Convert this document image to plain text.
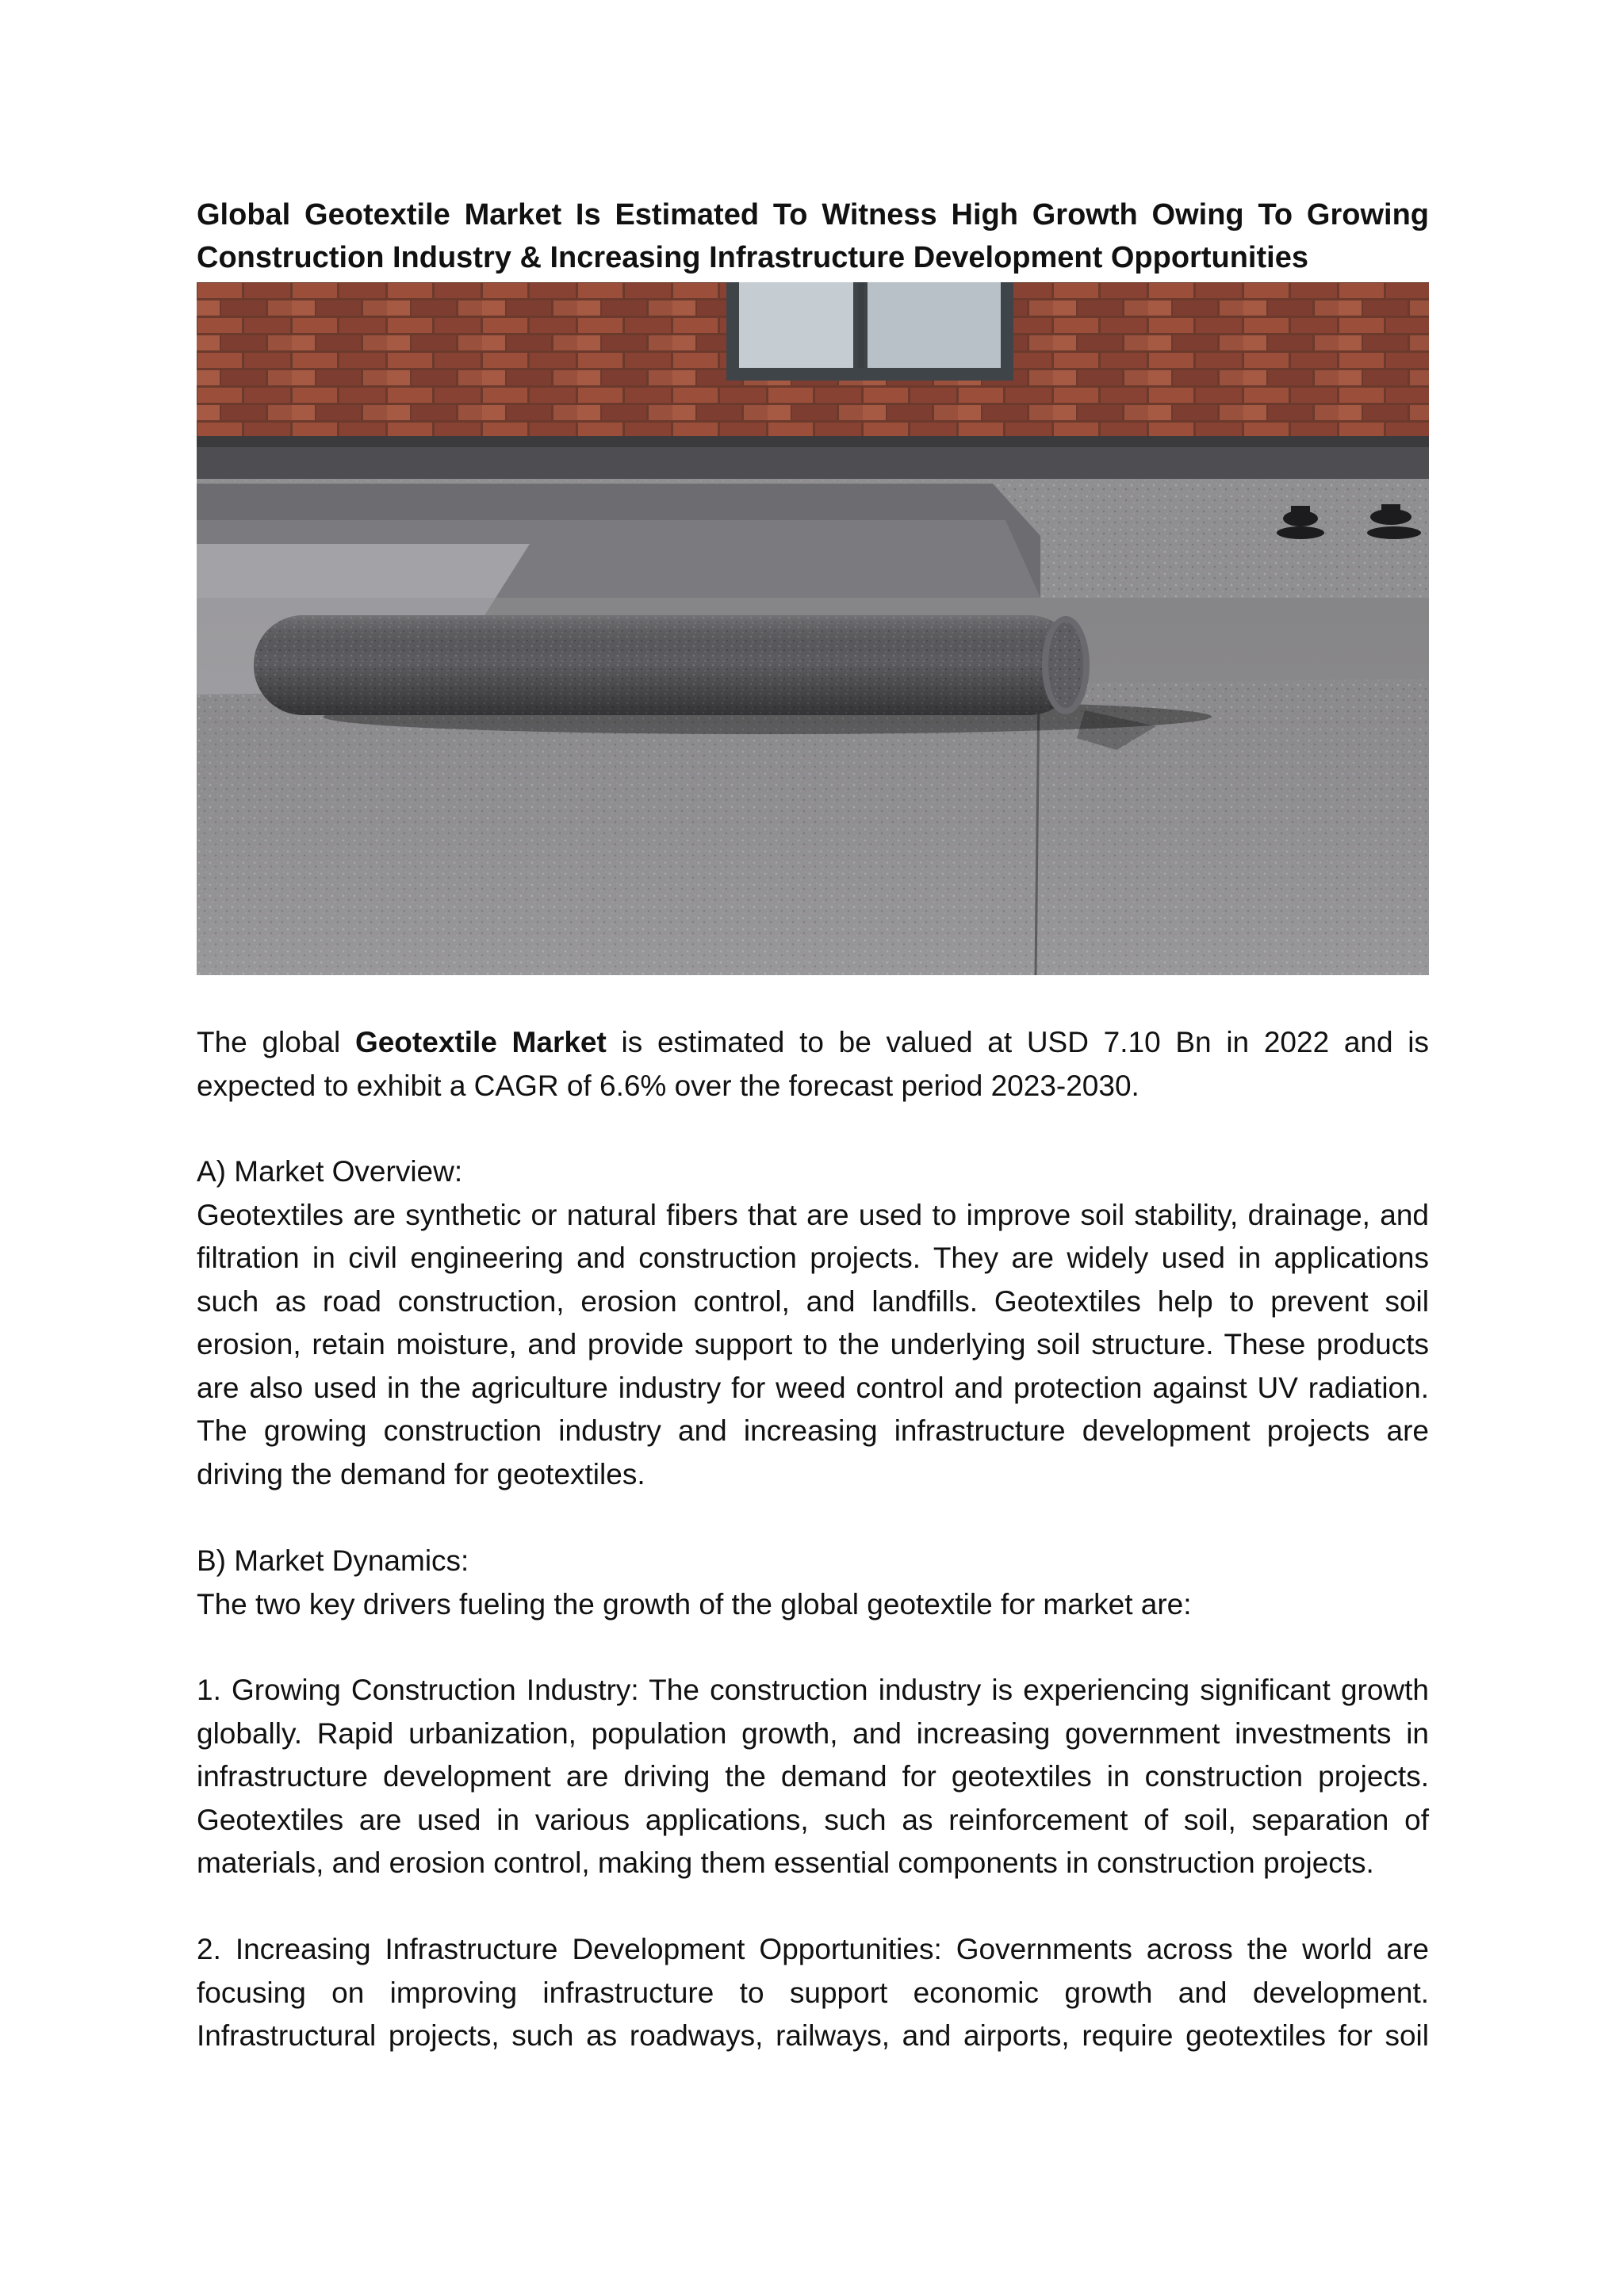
Global Geotextile Market Is Estimated To Witness High Growth Owing To Growing Construction Industry & Increasing Infrastructure Development Opportunities

The global Geotextile Market is estimated to be valued at USD 7.10 Bn in 2022 and is expected to exhibit a CAGR of 6.6% over the forecast period 2023-2030.

A) Market Overview:

Geotextiles are synthetic or natural fibers that are used to improve soil stability, drainage, and filtration in civil engineering and construction projects. They are widely used in applications such as road construction, erosion control, and landfills. Geotextiles help to prevent soil erosion, retain moisture, and provide support to the underlying soil structure. These products are also used in the agriculture industry for weed control and protection against UV radiation. The growing construction industry and increasing infrastructure development projects are driving the demand for geotextiles.

B) Market Dynamics:

The two key drivers fueling the growth of the global geotextile for market are:

1. Growing Construction Industry: The construction industry is experiencing significant growth globally. Rapid urbanization, population growth, and increasing government investments in infrastructure development are driving the demand for geotextiles in construction projects. Geotextiles are used in various applications, such as reinforcement of soil, separation of materials, and erosion control, making them essential components in construction projects.

2. Increasing Infrastructure Development Opportunities: Governments across the world are focusing on improving infrastructure to support economic growth and development. Infrastructural projects, such as roadways, railways, and airports, require geotextiles for soil
